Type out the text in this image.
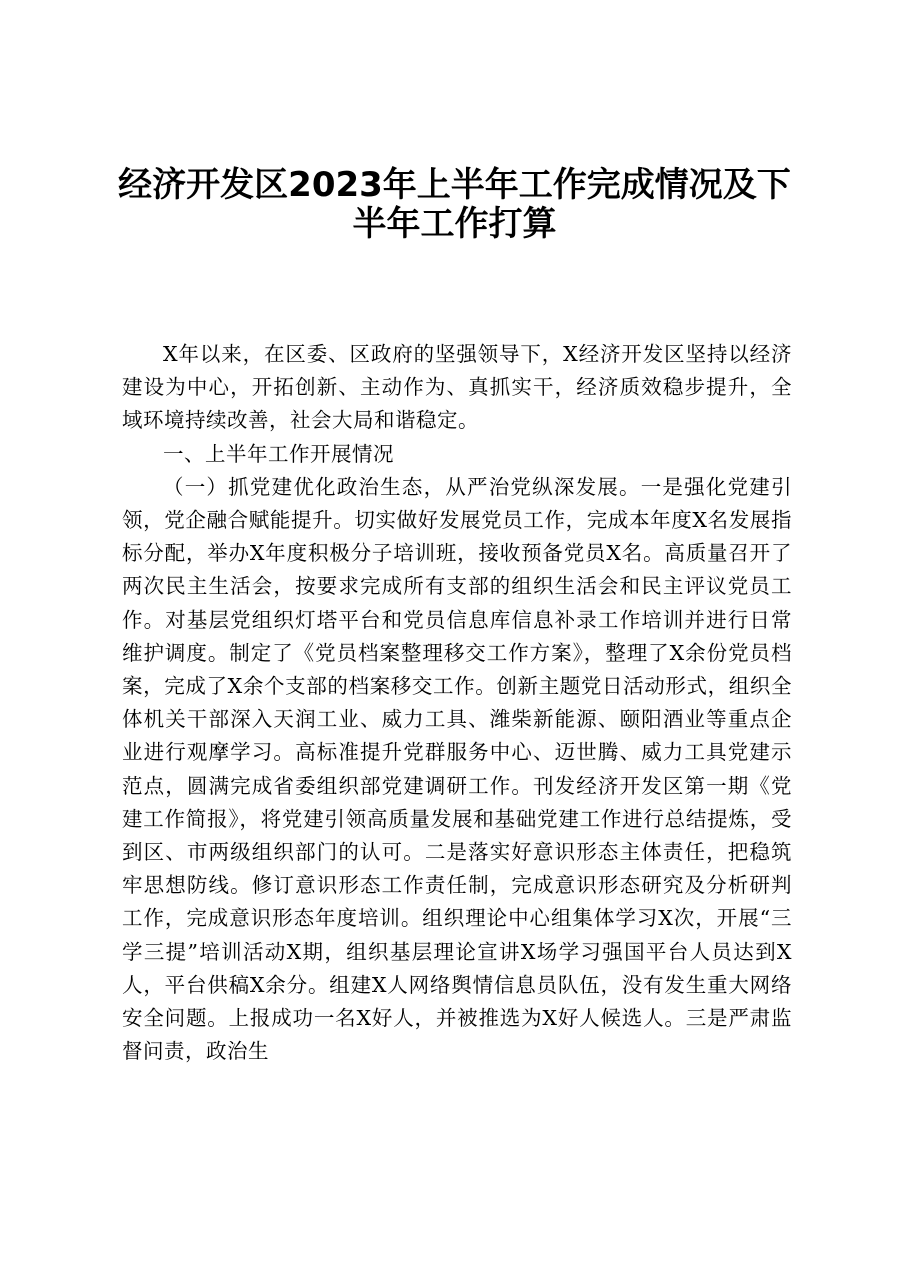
经济开发区2023年上半年工作完成情况及下
半年工作打算

X年以来，在区委、区政府的坚强领导下，X经济开发区坚持以经济建设为中心，开拓创新、主动作为、真抓实干，经济质效稳步提升，全域环境持续改善，社会大局和谐稳定。

一、上半年工作开展情况

（一）抓党建优化政治生态，从严治党纵深发展。一是强化党建引领，党企融合赋能提升。切实做好发展党员工作，完成本年度X名发展指标分配，举办X年度积极分子培训班，接收预备党员X名。高质量召开了两次民主生活会，按要求完成所有支部的组织生活会和民主评议党员工作。对基层党组织灯塔平台和党员信息库信息补录工作培训并进行日常维护调度。制定了《党员档案整理移交工作方案》，整理了X余份党员档案，完成了X余个支部的档案移交工作。创新主题党日活动形式，组织全体机关干部深入天润工业、威力工具、潍柴新能源、颐阳酒业等重点企业进行观摩学习。高标准提升党群服务中心、迈世腾、威力工具党建示范点，圆满完成省委组织部党建调研工作。刊发经济开发区第一期《党建工作简报》，将党建引领高质量发展和基础党建工作进行总结提炼，受到区、市两级组织部门的认可。二是落实好意识形态主体责任，把稳筑牢思想防线。修订意识形态工作责任制，完成意识形态研究及分析研判工作，完成意识形态年度培训。组织理论中心组集体学习X次，开展“三学三提”培训活动X期，组织基层理论宣讲X场学习强国平台人员达到X人，平台供稿X余分。组建X人网络舆情信息员队伍，没有发生重大网络安全问题。上报成功一名X好人，并被推选为X好人候选人。三是严肃监督问责，政治生
